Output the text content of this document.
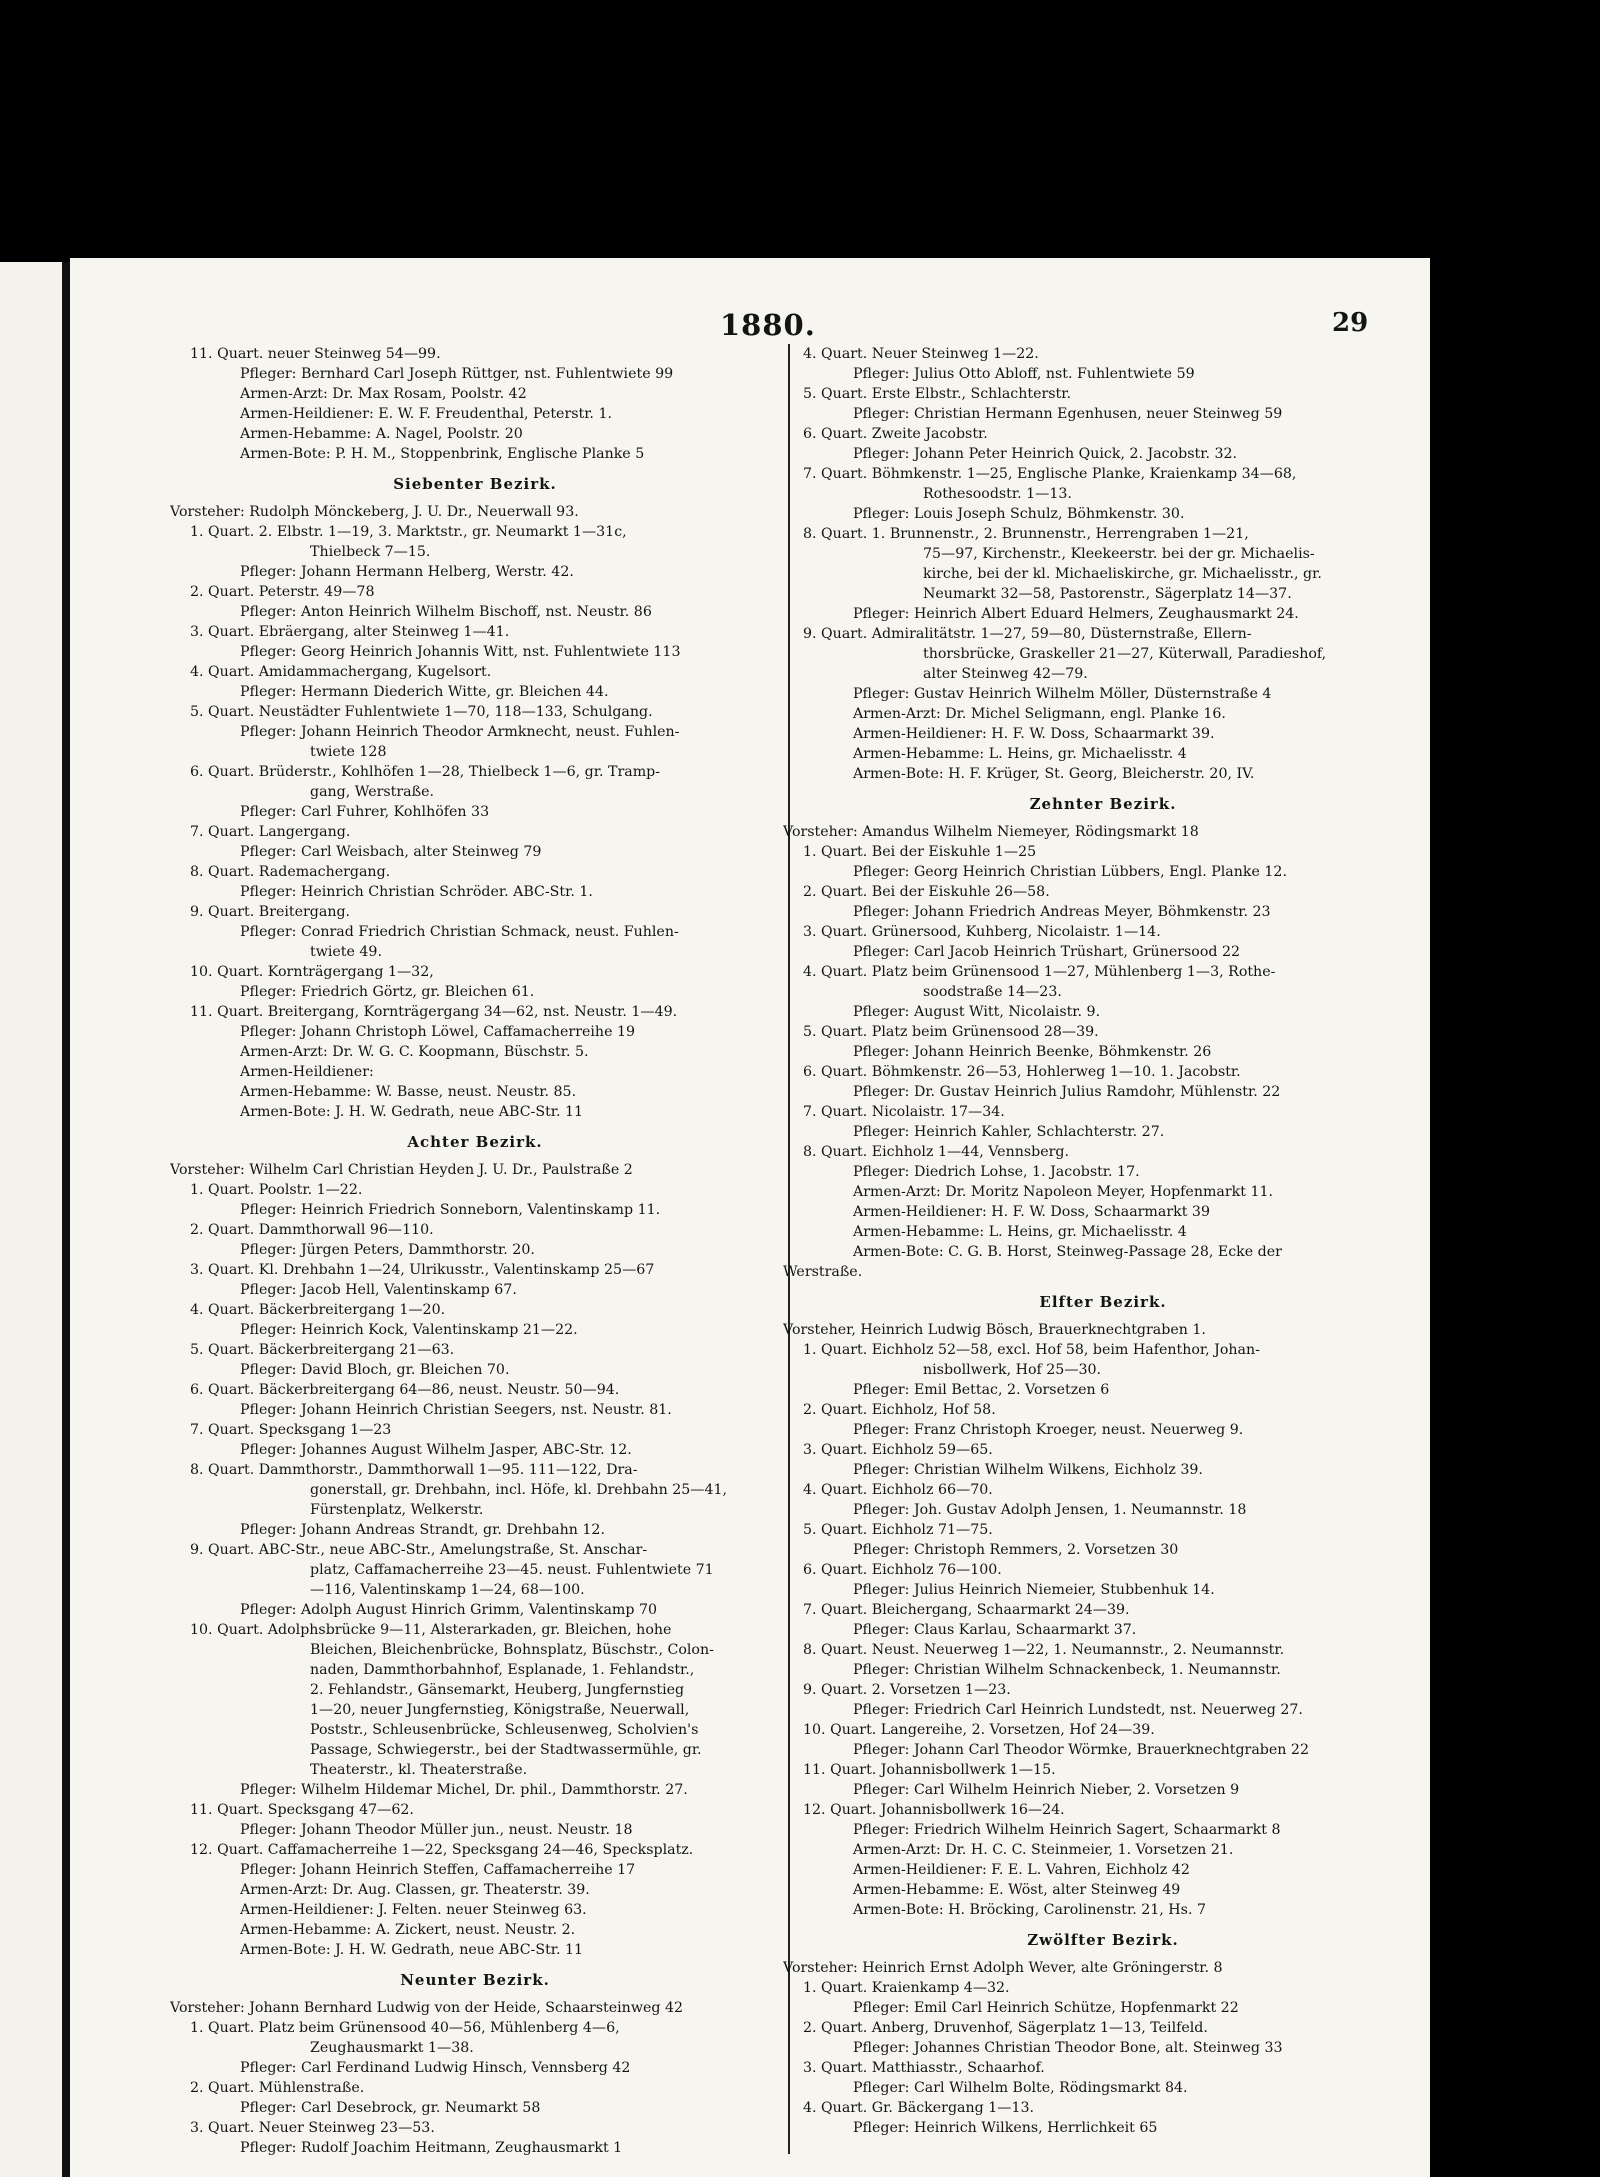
1880.	29
11. Quart. neuer Steinweg 54—99.
Pfleger: Bernhard Carl Joseph Rüttger, nst. Fuhlentwiete 99
Armen-Arzt: Dr. Max Rosam, Poolstr. 42
Armen-Heildiener: E. W. F. Freudenthal, Peterstr. 1.
Armen-Hebamme: A. Nagel, Poolstr. 20
Armen-Bote: P. H. M., Stoppenbrink, Englische Planke 5
Siebenter Bezirk.
Vorsteher: Rudolph Mönckeberg, J. U. Dr., Neuerwall 93.
1. Quart. 2. Elbstr. 1—19, 3. Marktstr., gr. Neumarkt 1—31c,
Thielbeck 7—15.
Pfleger: Johann Hermann Helberg, Werstr. 42.
2. Quart. Peterstr. 49—78
Pfleger: Anton Heinrich Wilhelm Bischoff, nst. Neustr. 86
3. Quart. Ebräergang, alter Steinweg 1—41.
Pfleger: Georg Heinrich Johannis Witt, nst. Fuhlentwiete 113
4. Quart. Amidammachergang, Kugelsort.
Pfleger: Hermann Diederich Witte, gr. Bleichen 44.
5. Quart. Neustädter Fuhlentwiete 1—70, 118—133, Schulgang.
Pfleger: Johann Heinrich Theodor Armknecht, neust. Fuhlen-
twiete 128
6. Quart. Brüderstr., Kohlhöfen 1—28, Thielbeck 1—6, gr. Tramp-
gang, Werstraße.
Pfleger: Carl Fuhrer, Kohlhöfen 33
7. Quart. Langergang.
Pfleger: Carl Weisbach, alter Steinweg 79
8. Quart. Rademachergang.
Pfleger: Heinrich Christian Schröder. ABC-Str. 1.
9. Quart. Breitergang.
Pfleger: Conrad Friedrich Christian Schmack, neust. Fuhlen-
twiete 49.
10. Quart. Kornträgergang 1—32,
Pfleger: Friedrich Görtz, gr. Bleichen 61.
11. Quart. Breitergang, Kornträgergang 34—62, nst. Neustr. 1—49.
Pfleger: Johann Christoph Löwel, Caffamacherreihe 19
Armen-Arzt: Dr. W. G. C. Koopmann, Büschstr. 5.
Armen-Heildiener:
Armen-Hebamme: W. Basse, neust. Neustr. 85.
Armen-Bote: J. H. W. Gedrath, neue ABC-Str. 11
Achter Bezirk.
Vorsteher: Wilhelm Carl Christian Heyden J. U. Dr., Paulstraße 2
1. Quart. Poolstr. 1—22.
Pfleger: Heinrich Friedrich Sonneborn, Valentinskamp 11.
2. Quart. Dammthorwall 96—110.
Pfleger: Jürgen Peters, Dammthorstr. 20.
3. Quart. Kl. Drehbahn 1—24, Ulrikusstr., Valentinskamp 25—67
Pfleger: Jacob Hell, Valentinskamp 67.
4. Quart. Bäckerbreitergang 1—20.
Pfleger: Heinrich Kock, Valentinskamp 21—22.
5. Quart. Bäckerbreitergang 21—63.
Pfleger: David Bloch, gr. Bleichen 70.
6. Quart. Bäckerbreitergang 64—86, neust. Neustr. 50—94.
Pfleger: Johann Heinrich Christian Seegers, nst. Neustr. 81.
7. Quart. Specksgang 1—23
Pfleger: Johannes August Wilhelm Jasper, ABC-Str. 12.
8. Quart. Dammthorstr., Dammthorwall 1—95. 111—122, Dra-
gonerstall, gr. Drehbahn, incl. Höfe, kl. Drehbahn 25—41,
Fürstenplatz, Welkerstr.
Pfleger: Johann Andreas Strandt, gr. Drehbahn 12.
9. Quart. ABC-Str., neue ABC-Str., Amelungstraße, St. Anschar-
platz, Caffamacherreihe 23—45. neust. Fuhlentwiete 71
—116, Valentinskamp 1—24, 68—100.
Pfleger: Adolph August Hinrich Grimm, Valentinskamp 70
10. Quart. Adolphsbrücke 9—11, Alsterarkaden, gr. Bleichen, hohe
Bleichen, Bleichenbrücke, Bohnsplatz, Büschstr., Colon-
naden, Dammthorbahnhof, Esplanade, 1. Fehlandstr.,
2. Fehlandstr., Gänsemarkt, Heuberg, Jungfernstieg
1—20, neuer Jungfernstieg, Königstraße, Neuerwall,
Poststr., Schleusenbrücke, Schleusenweg, Scholvien's
Passage, Schwiegerstr., bei der Stadtwassermühle, gr.
Theaterstr., kl. Theaterstraße.
Pfleger: Wilhelm Hildemar Michel, Dr. phil., Dammthorstr. 27.
11. Quart. Specksgang 47—62.
Pfleger: Johann Theodor Müller jun., neust. Neustr. 18
12. Quart. Caffamacherreihe 1—22, Specksgang 24—46, Specksplatz.
Pfleger: Johann Heinrich Steffen, Caffamacherreihe 17
Armen-Arzt: Dr. Aug. Classen, gr. Theaterstr. 39.
Armen-Heildiener: J. Felten. neuer Steinweg 63.
Armen-Hebamme: A. Zickert, neust. Neustr. 2.
Armen-Bote: J. H. W. Gedrath, neue ABC-Str. 11
Neunter Bezirk.
Vorsteher: Johann Bernhard Ludwig von der Heide, Schaarsteinweg 42
1. Quart. Platz beim Grünensood 40—56, Mühlenberg 4—6,
Zeughausmarkt 1—38.
Pfleger: Carl Ferdinand Ludwig Hinsch, Vennsberg 42
2. Quart. Mühlenstraße.
Pfleger: Carl Desebrock, gr. Neumarkt 58
3. Quart. Neuer Steinweg 23—53.
Pfleger: Rudolf Joachim Heitmann, Zeughausmarkt 1
4. Quart. Neuer Steinweg 1—22.
Pfleger: Julius Otto Abloff, nst. Fuhlentwiete 59
5. Quart. Erste Elbstr., Schlachterstr.
Pfleger: Christian Hermann Egenhusen, neuer Steinweg 59
6. Quart. Zweite Jacobstr.
Pfleger: Johann Peter Heinrich Quick, 2. Jacobstr. 32.
7. Quart. Böhmkenstr. 1—25, Englische Planke, Kraienkamp 34—68,
Rothesoodstr. 1—13.
Pfleger: Louis Joseph Schulz, Böhmkenstr. 30.
8. Quart. 1. Brunnenstr., 2. Brunnenstr., Herrengraben 1—21,
75—97, Kirchenstr., Kleekeerstr. bei der gr. Michaelis-
kirche, bei der kl. Michaeliskirche, gr. Michaelisstr., gr.
Neumarkt 32—58, Pastorenstr., Sägerplatz 14—37.
Pfleger: Heinrich Albert Eduard Helmers, Zeughausmarkt 24.
9. Quart. Admiralitätstr. 1—27, 59—80, Düsternstraße, Ellern-
thorsbrücke, Graskeller 21—27, Küterwall, Paradieshof,
alter Steinweg 42—79.
Pfleger: Gustav Heinrich Wilhelm Möller, Düsternstraße 4
Armen-Arzt: Dr. Michel Seligmann, engl. Planke 16.
Armen-Heildiener: H. F. W. Doss, Schaarmarkt 39.
Armen-Hebamme: L. Heins, gr. Michaelisstr. 4
Armen-Bote: H. F. Krüger, St. Georg, Bleicherstr. 20, IV.
Zehnter Bezirk.
Vorsteher: Amandus Wilhelm Niemeyer, Rödingsmarkt 18
1. Quart. Bei der Eiskuhle 1—25
Pfleger: Georg Heinrich Christian Lübbers, Engl. Planke 12.
2. Quart. Bei der Eiskuhle 26—58.
Pfleger: Johann Friedrich Andreas Meyer, Böhmkenstr. 23
3. Quart. Grünersood, Kuhberg, Nicolaistr. 1—14.
Pfleger: Carl Jacob Heinrich Trüshart, Grünersood 22
4. Quart. Platz beim Grünensood 1—27, Mühlenberg 1—3, Rothe-
soodstraße 14—23.
Pfleger: August Witt, Nicolaistr. 9.
5. Quart. Platz beim Grünensood 28—39.
Pfleger: Johann Heinrich Beenke, Böhmkenstr. 26
6. Quart. Böhmkenstr. 26—53, Hohlerweg 1—10. 1. Jacobstr.
Pfleger: Dr. Gustav Heinrich Julius Ramdohr, Mühlenstr. 22
7. Quart. Nicolaistr. 17—34.
Pfleger: Heinrich Kahler, Schlachterstr. 27.
8. Quart. Eichholz 1—44, Vennsberg.
Pfleger: Diedrich Lohse, 1. Jacobstr. 17.
Armen-Arzt: Dr. Moritz Napoleon Meyer, Hopfenmarkt 11.
Armen-Heildiener: H. F. W. Doss, Schaarmarkt 39
Armen-Hebamme: L. Heins, gr. Michaelisstr. 4
Armen-Bote: C. G. B. Horst, Steinweg-Passage 28, Ecke der
Werstraße.
Elfter Bezirk.
Vorsteher, Heinrich Ludwig Bösch, Brauerknechtgraben 1.
1. Quart. Eichholz 52—58, excl. Hof 58, beim Hafenthor, Johan-
nisbollwerk, Hof 25—30.
Pfleger: Emil Bettac, 2. Vorsetzen 6
2. Quart. Eichholz, Hof 58.
Pfleger: Franz Christoph Kroeger, neust. Neuerweg 9.
3. Quart. Eichholz 59—65.
Pfleger: Christian Wilhelm Wilkens, Eichholz 39.
4. Quart. Eichholz 66—70.
Pfleger: Joh. Gustav Adolph Jensen, 1. Neumannstr. 18
5. Quart. Eichholz 71—75.
Pfleger: Christoph Remmers, 2. Vorsetzen 30
6. Quart. Eichholz 76—100.
Pfleger: Julius Heinrich Niemeier, Stubbenhuk 14.
7. Quart. Bleichergang, Schaarmarkt 24—39.
Pfleger: Claus Karlau, Schaarmarkt 37.
8. Quart. Neust. Neuerweg 1—22, 1. Neumannstr., 2. Neumannstr.
Pfleger: Christian Wilhelm Schnackenbeck, 1. Neumannstr.
9. Quart. 2. Vorsetzen 1—23.
Pfleger: Friedrich Carl Heinrich Lundstedt, nst. Neuerweg 27.
10. Quart. Langereihe, 2. Vorsetzen, Hof 24—39.
Pfleger: Johann Carl Theodor Wörmke, Brauerknechtgraben 22
11. Quart. Johannisbollwerk 1—15.
Pfleger: Carl Wilhelm Heinrich Nieber, 2. Vorsetzen 9
12. Quart. Johannisbollwerk 16—24.
Pfleger: Friedrich Wilhelm Heinrich Sagert, Schaarmarkt 8
Armen-Arzt: Dr. H. C. C. Steinmeier, 1. Vorsetzen 21.
Armen-Heildiener: F. E. L. Vahren, Eichholz 42
Armen-Hebamme: E. Wöst, alter Steinweg 49
Armen-Bote: H. Bröcking, Carolinenstr. 21, Hs. 7
Zwölfter Bezirk.
Vorsteher: Heinrich Ernst Adolph Wever, alte Gröningerstr. 8
1. Quart. Kraienkamp 4—32.
Pfleger: Emil Carl Heinrich Schütze, Hopfenmarkt 22
2. Quart. Anberg, Druvenhof, Sägerplatz 1—13, Teilfeld.
Pfleger: Johannes Christian Theodor Bone, alt. Steinweg 33
3. Quart. Matthiasstr., Schaarhof.
Pfleger: Carl Wilhelm Bolte, Rödingsmarkt 84.
4. Quart. Gr. Bäckergang 1—13.
Pfleger: Heinrich Wilkens, Herrlichkeit 65
